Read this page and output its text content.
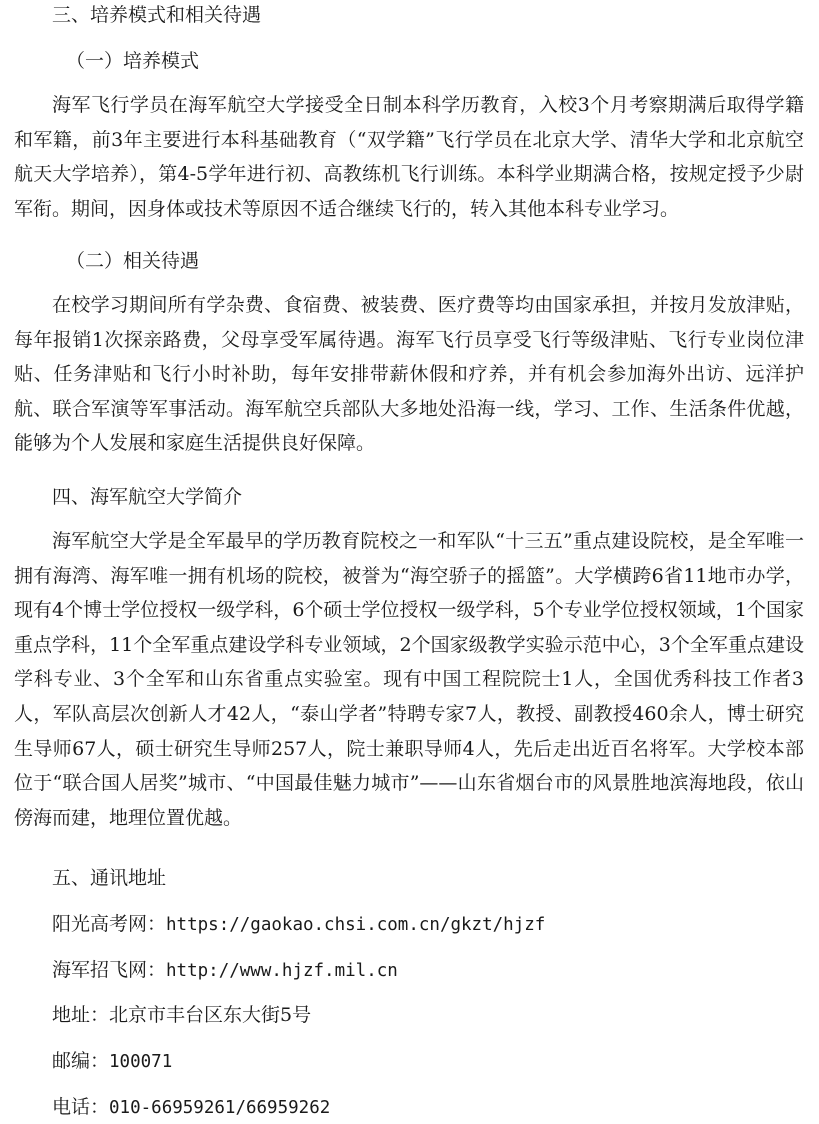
三、培养模式和相关待遇
（一）培养模式
海军飞行学员在海军航空大学接受全日制本科学历教育，入校3个月考察期满后取得学籍和军籍，前3年主要进行本科基础教育（“双学籍”飞行学员在北京大学、清华大学和北京航空航天大学培养），第4-5学年进行初、高教练机飞行训练。本科学业期满合格，按规定授予少尉军衔。期间，因身体或技术等原因不适合继续飞行的，转入其他本科专业学习。
（二）相关待遇
在校学习期间所有学杂费、食宿费、被装费、医疗费等均由国家承担，并按月发放津贴，每年报销1次探亲路费，父母享受军属待遇。海军飞行员享受飞行等级津贴、飞行专业岗位津贴、任务津贴和飞行小时补助，每年安排带薪休假和疗养，并有机会参加海外出访、远洋护航、联合军演等军事活动。海军航空兵部队大多地处沿海一线，学习、工作、生活条件优越，能够为个人发展和家庭生活提供良好保障。
四、海军航空大学简介
海军航空大学是全军最早的学历教育院校之一和军队“十三五”重点建设院校，是全军唯一拥有海湾、海军唯一拥有机场的院校，被誉为“海空骄子的摇篮”。大学横跨6省11地市办学，现有4个博士学位授权一级学科，6个硕士学位授权一级学科，5个专业学位授权领域，1个国家重点学科，11个全军重点建设学科专业领域，2个国家级教学实验示范中心，3个全军重点建设学科专业、3个全军和山东省重点实验室。现有中国工程院院士1人，全国优秀科技工作者3人，军队高层次创新人才42人，“泰山学者”特聘专家7人，教授、副教授460余人，博士研究生导师67人，硕士研究生导师257人，院士兼职导师4人，先后走出近百名将军。大学校本部位于“联合国人居奖”城市、“中国最佳魅力城市”——山东省烟台市的风景胜地滨海地段，依山傍海而建，地理位置优越。
五、通讯地址
阳光高考网：https://gaokao.chsi.com.cn/gkzt/hjzf
海军招飞网：http://www.hjzf.mil.cn
地址：北京市丰台区东大街5号
邮编：100071
电话：010-66959261/66959262
